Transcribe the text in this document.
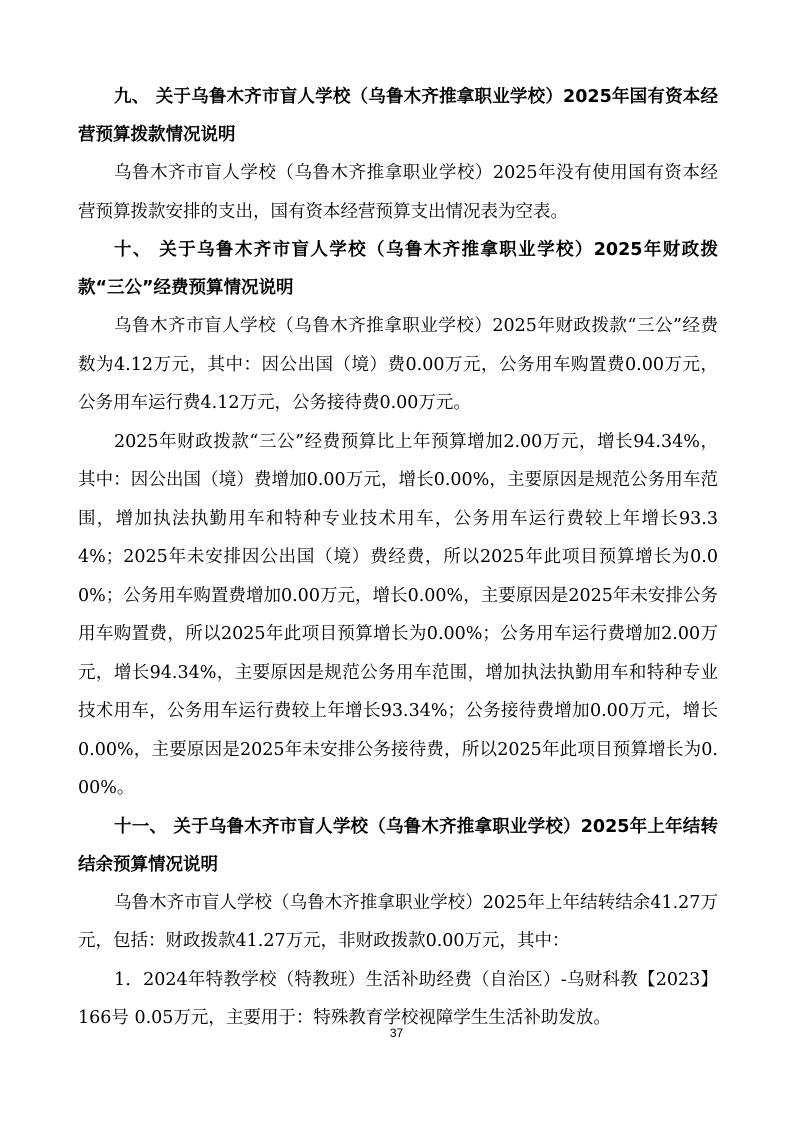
九、 关于乌鲁木齐市盲人学校（乌鲁木齐推拿职业学校）2025年国有资本经营预算拨款情况说明

乌鲁木齐市盲人学校（乌鲁木齐推拿职业学校）2025年没有使用国有资本经营预算拨款安排的支出，国有资本经营预算支出情况表为空表。

十、 关于乌鲁木齐市盲人学校（乌鲁木齐推拿职业学校）2025年财政拨款“三公”经费预算情况说明

乌鲁木齐市盲人学校（乌鲁木齐推拿职业学校）2025年财政拨款“三公”经费数为4.12万元，其中：因公出国（境）费0.00万元，公务用车购置费0.00万元，公务用车运行费4.12万元，公务接待费0.00万元。

2025年财政拨款“三公”经费预算比上年预算增加2.00万元，增长94.34%，其中：因公出国（境）费增加0.00万元，增长0.00%，主要原因是规范公务用车范围，增加执法执勤用车和特种专业技术用车，公务用车运行费较上年增长93.34%；2025年未安排因公出国（境）费经费，所以2025年此项目预算增长为0.00%；公务用车购置费增加0.00万元，增长0.00%，主要原因是2025年未安排公务用车购置费，所以2025年此项目预算增长为0.00%；公务用车运行费增加2.00万元，增长94.34%，主要原因是规范公务用车范围，增加执法执勤用车和特种专业技术用车，公务用车运行费较上年增长93.34%；公务接待费增加0.00万元，增长0.00%，主要原因是2025年未安排公务接待费，所以2025年此项目预算增长为0.00%。

十一、 关于乌鲁木齐市盲人学校（乌鲁木齐推拿职业学校）2025年上年结转结余预算情况说明

乌鲁木齐市盲人学校（乌鲁木齐推拿职业学校）2025年上年结转结余41.27万元，包括：财政拨款41.27万元，非财政拨款0.00万元，其中：

1．2024年特教学校（特教班）生活补助经费（自治区）-乌财科教【2023】166号 0.05万元，主要用于：特殊教育学校视障学生生活补助发放。

37
